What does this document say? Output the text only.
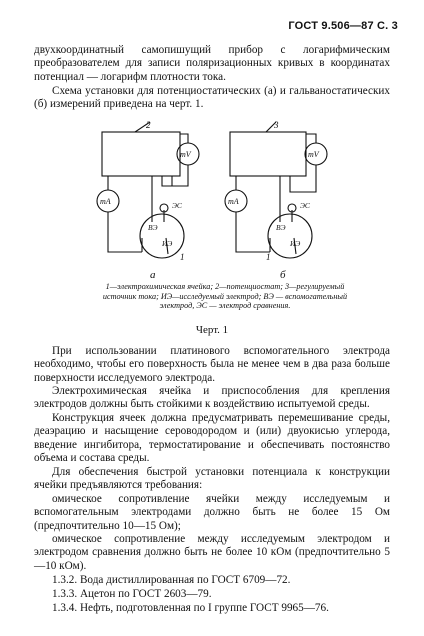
ГОСТ 9.506—87 С. 3

двухкоординатный самопишущий прибор с логарифмическим преобразователем для записи поляризационных кривых в координатах потенциал — логарифм плотности тока.

Схема установки для потенциостатических (а) и гальваностатических (б) измерений приведена на черт. 1.

2	3
mV	mV
mA	mA
ЭС	ЭС
ВЭ	ВЭ
ИЭ	ИЭ
1	1
а	б

1—электрохимическая ячейка; 2—потенциостат; 3—регулируемый источник тока; ИЭ—исследуемый электрод; ВЭ — вспомогательный электрод, ЭС — электрод сравнения.

Черт. 1

При использовании платинового вспомогательного электрода необходимо, чтобы его поверхность была не менее чем в два раза больше поверхности исследуемого электрода.

Электрохимическая ячейка и приспособления для крепления электродов должны быть стойкими к воздействию испытуемой среды.

Конструкция ячеек должна предусматривать перемешивание среды, деаэрацию и насыщение сероводородом и (или) двуокисью углерода, введение ингибитора, термостатирование и обеспечивать постоянство объема и состава среды.

Для обеспечения быстрой установки потенциала к конструкции ячейки предъявляются требования:

омическое сопротивление ячейки между исследуемым и вспомогательным электродами должно быть не более 15 Ом (предпочтительно 10—15 Ом);

омическое сопротивление между исследуемым электродом и электродом сравнения должно быть не более 10 кОм (предпочтительно 5—10 кОм).

1.3.2. Вода дистиллированная по ГОСТ 6709—72.

1.3.3. Ацетон по ГОСТ 2603—79.

1.3.4. Нефть, подготовленная по I группе ГОСТ 9965—76.
